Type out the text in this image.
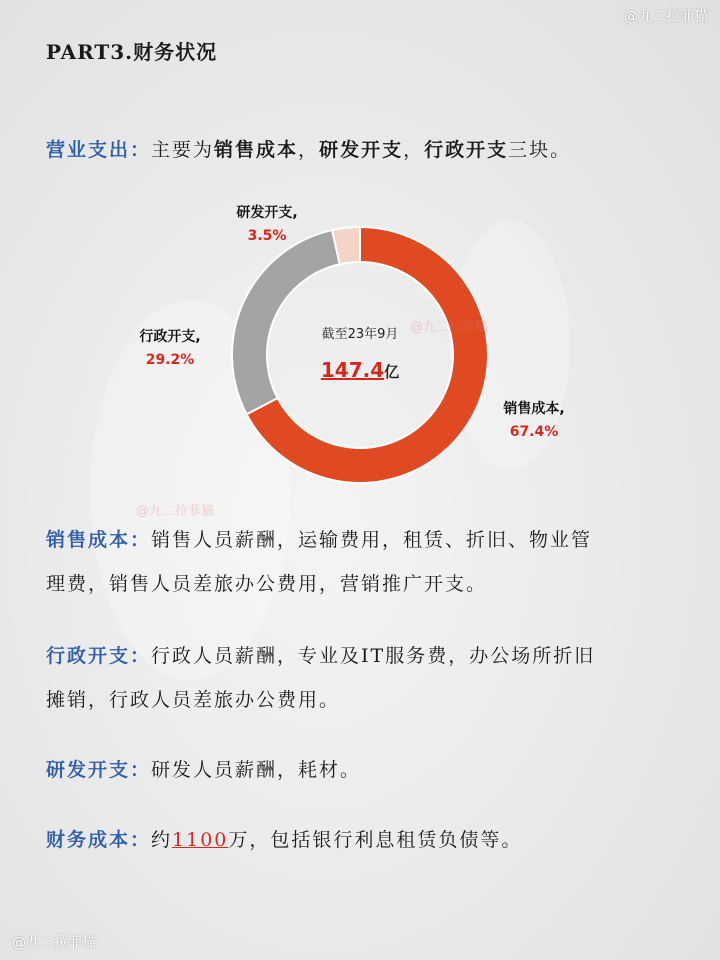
@九二拉菲猫
PART3.财务状况
营业支出：主要为销售成本，研发开支，行政开支三块。
@九二拉菲猫
@九二拉菲猫
截至23年9月
147.4亿
研发开支,
3.5%
行政开支,
29.2%
销售成本,
67.4%
销售成本：销售人员薪酬，运输费用，租赁、折旧、物业管
理费，销售人员差旅办公费用，营销推广开支。
行政开支：行政人员薪酬，专业及IT服务费，办公场所折旧
摊销，行政人员差旅办公费用。
研发开支：研发人员薪酬，耗材。
财务成本：约1100万，包括银行利息租赁负债等。
@九二拉菲猫
